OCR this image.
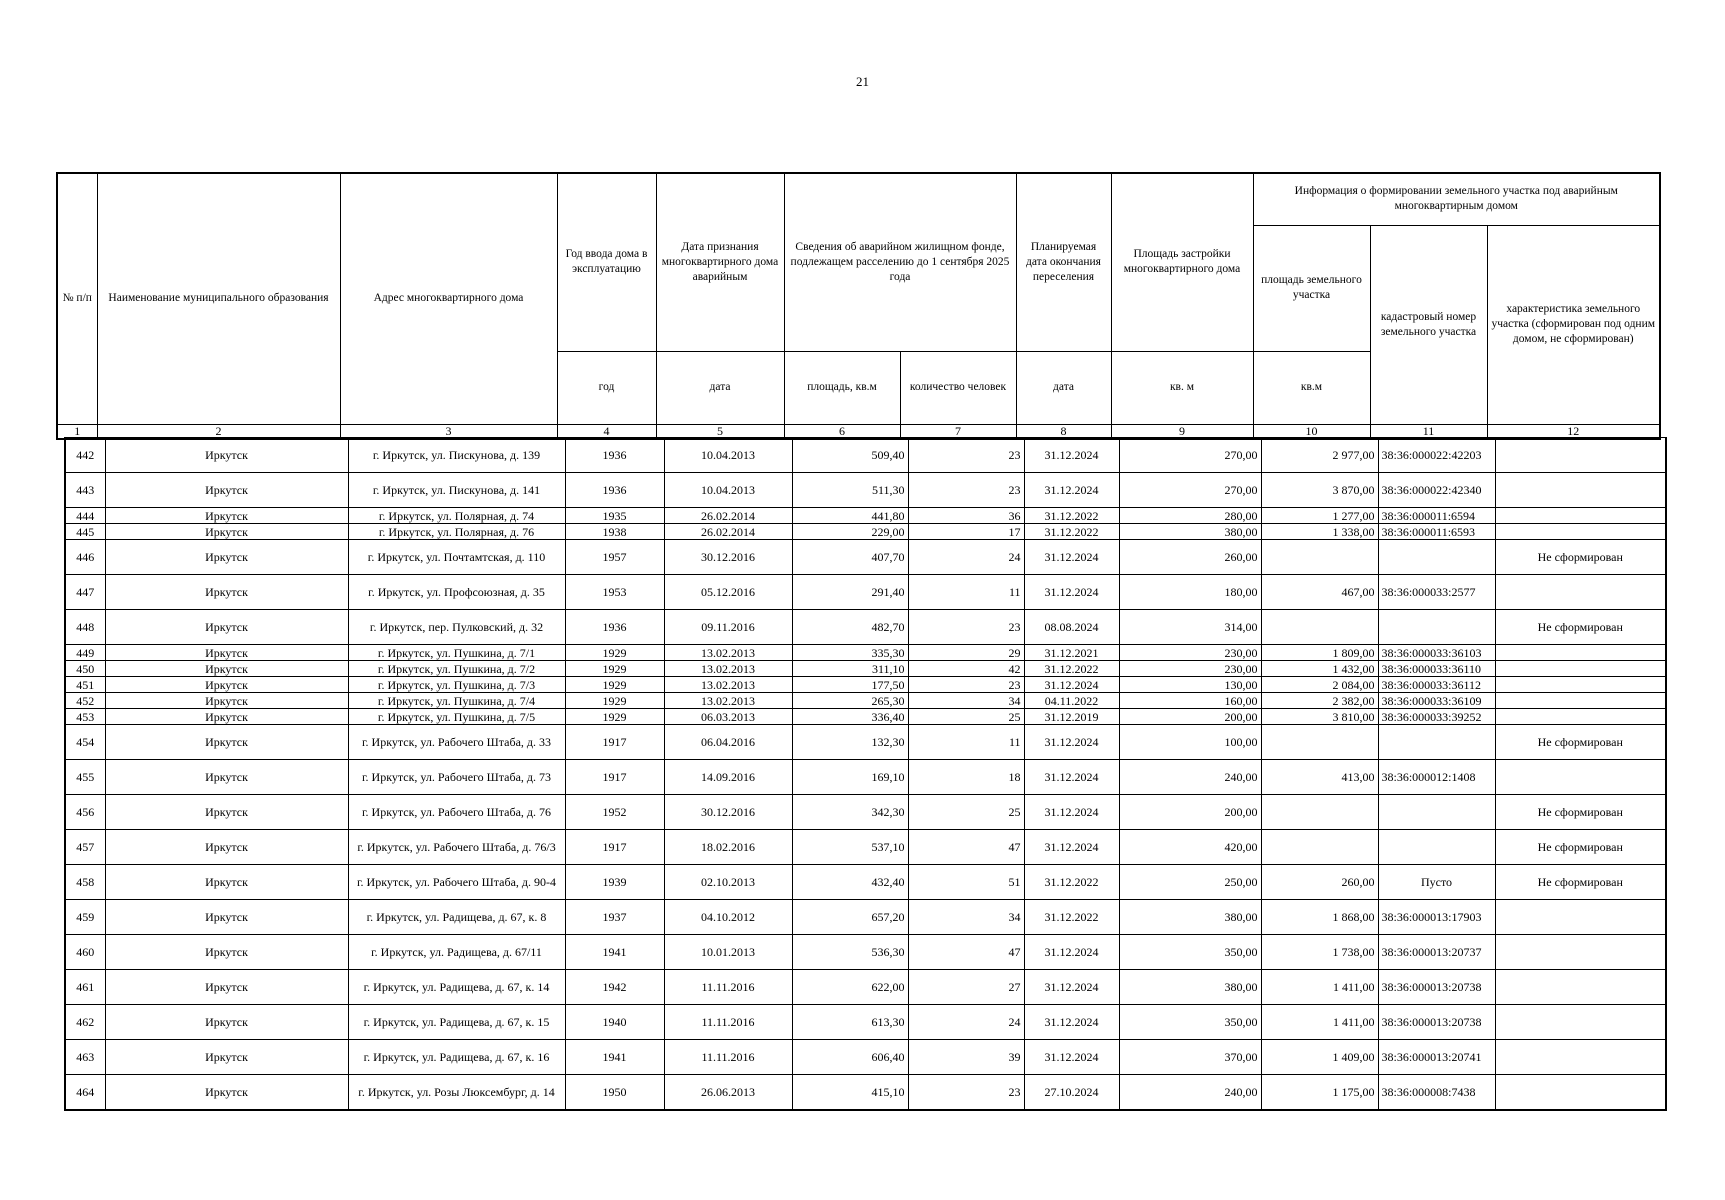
21
№ п/п	Наименование муниципального образования	Адрес многоквартирного дома	Год ввода дома в эксплуатацию	Дата признания многоквартирного дома аварийным	Сведения об аварийном жилищном фонде, подлежащем расселению до 1 сентября 2025 года		Планируемая дата окончания переселения	Площадь застройки многоквартирного дома	Информация о формировании земельного участка под аварийным многоквартирным домом		
									площадь земельного участка	кадастровый номер земельного участка	характеристика земельного участка (сформирован под одним домом, не сформирован)
			год	дата	площадь, кв.м	количество человек	дата	кв. м	кв.м		
1	2	3	4	5	6	7	8	9	10	11	12
442	Иркутск	г. Иркутск, ул. Пискунова, д. 139	1936	10.04.2013	509,40	23	31.12.2024	270,00	2 977,00	38:36:000022:42203	
443	Иркутск	г. Иркутск, ул. Пискунова, д. 141	1936	10.04.2013	511,30	23	31.12.2024	270,00	3 870,00	38:36:000022:42340	
444	Иркутск	г. Иркутск, ул. Полярная, д. 74	1935	26.02.2014	441,80	36	31.12.2022	280,00	1 277,00	38:36:000011:6594	
445	Иркутск	г. Иркутск, ул. Полярная, д. 76	1938	26.02.2014	229,00	17	31.12.2022	380,00	1 338,00	38:36:000011:6593	
446	Иркутск	г. Иркутск, ул. Почтамтская, д. 110	1957	30.12.2016	407,70	24	31.12.2024	260,00			Не сформирован
447	Иркутск	г. Иркутск, ул. Профсоюзная, д. 35	1953	05.12.2016	291,40	11	31.12.2024	180,00	467,00	38:36:000033:2577	
448	Иркутск	г. Иркутск, пер. Пулковский, д. 32	1936	09.11.2016	482,70	23	08.08.2024	314,00			Не сформирован
449	Иркутск	г. Иркутск, ул. Пушкина, д. 7/1	1929	13.02.2013	335,30	29	31.12.2021	230,00	1 809,00	38:36:000033:36103	
450	Иркутск	г. Иркутск, ул. Пушкина, д. 7/2	1929	13.02.2013	311,10	42	31.12.2022	230,00	1 432,00	38:36:000033:36110	
451	Иркутск	г. Иркутск, ул. Пушкина, д. 7/3	1929	13.02.2013	177,50	23	31.12.2024	130,00	2 084,00	38:36:000033:36112	
452	Иркутск	г. Иркутск, ул. Пушкина, д. 7/4	1929	13.02.2013	265,30	34	04.11.2022	160,00	2 382,00	38:36:000033:36109	
453	Иркутск	г. Иркутск, ул. Пушкина, д. 7/5	1929	06.03.2013	336,40	25	31.12.2019	200,00	3 810,00	38:36:000033:39252	
454	Иркутск	г. Иркутск, ул. Рабочего Штаба, д. 33	1917	06.04.2016	132,30	11	31.12.2024	100,00			Не сформирован
455	Иркутск	г. Иркутск, ул. Рабочего Штаба, д. 73	1917	14.09.2016	169,10	18	31.12.2024	240,00	413,00	38:36:000012:1408	
456	Иркутск	г. Иркутск, ул. Рабочего Штаба, д. 76	1952	30.12.2016	342,30	25	31.12.2024	200,00			Не сформирован
457	Иркутск	г. Иркутск, ул. Рабочего Штаба, д. 76/3	1917	18.02.2016	537,10	47	31.12.2024	420,00			Не сформирован
458	Иркутск	г. Иркутск, ул. Рабочего Штаба, д. 90-4	1939	02.10.2013	432,40	51	31.12.2022	250,00	260,00	Пусто	Не сформирован
459	Иркутск	г. Иркутск, ул. Радищева, д. 67, к. 8	1937	04.10.2012	657,20	34	31.12.2022	380,00	1 868,00	38:36:000013:17903	
460	Иркутск	г. Иркутск, ул. Радищева, д. 67/11	1941	10.01.2013	536,30	47	31.12.2024	350,00	1 738,00	38:36:000013:20737	
461	Иркутск	г. Иркутск, ул. Радищева, д. 67, к. 14	1942	11.11.2016	622,00	27	31.12.2024	380,00	1 411,00	38:36:000013:20738	
462	Иркутск	г. Иркутск, ул. Радищева, д. 67, к. 15	1940	11.11.2016	613,30	24	31.12.2024	350,00	1 411,00	38:36:000013:20738	
463	Иркутск	г. Иркутск, ул. Радищева, д. 67, к. 16	1941	11.11.2016	606,40	39	31.12.2024	370,00	1 409,00	38:36:000013:20741	
464	Иркутск	г. Иркутск, ул. Розы Люксембург, д. 14	1950	26.06.2013	415,10	23	27.10.2024	240,00	1 175,00	38:36:000008:7438	
